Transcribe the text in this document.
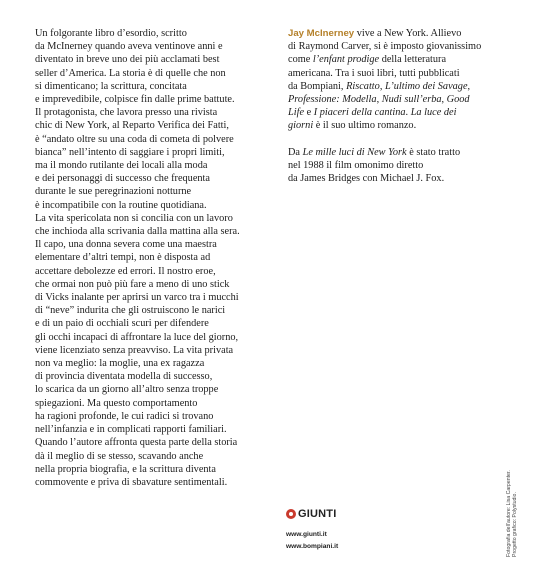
Un folgorante libro d’esordio, scritto
da McInerney quando aveva ventinove anni e
diventato in breve uno dei più acclamati best
seller d’America. La storia è di quelle che non
si dimenticano; la scrittura, concitata
e imprevedibile, colpisce fin dalle prime battute.
Il protagonista, che lavora presso una rivista
chic di New York, al Reparto Verifica dei Fatti,
è “andato oltre su una coda di cometa di polvere
bianca” nell’intento di saggiare i propri limiti,
ma il mondo rutilante dei locali alla moda
e dei personaggi di successo che frequenta
durante le sue peregrinazioni notturne
è incompatibile con la routine quotidiana.
La vita spericolata non si concilia con un lavoro
che inchioda alla scrivania dalla mattina alla sera.
Il capo, una donna severa come una maestra
elementare d’altri tempi, non è disposta ad
accettare debolezze ed errori. Il nostro eroe,
che ormai non può più fare a meno di uno stick
di Vicks inalante per aprirsi un varco tra i mucchi
di “neve” indurita che gli ostruiscono le narici
e di un paio di occhiali scuri per difendere
gli occhi incapaci di affrontare la luce del giorno,
viene licenziato senza preavviso. La vita privata
non va meglio: la moglie, una ex ragazza
di provincia diventata modella di successo,
lo scarica da un giorno all’altro senza troppe
spiegazioni. Ma questo comportamento
ha ragioni profonde, le cui radici si trovano
nell’infanzia e in complicati rapporti familiari.
Quando l’autore affronta questa parte della storia
dà il meglio di se stesso, scavando anche
nella propria biografia, e la scrittura diventa
commovente e priva di sbavature sentimentali.
Jay McInerney vive a New York. Allievo
di Raymond Carver, si è imposto giovanissimo
come l’enfant prodige della letteratura
americana. Tra i suoi libri, tutti pubblicati
da Bompiani, Riscatto, L’ultimo dei Savage,
Professione: Modella, Nudi sull’erba, Good
Life e I piaceri della cantina. La luce dei
giorni è il suo ultimo romanzo.
Da Le mille luci di New York è stato tratto
nel 1988 il film omonimo diretto
da James Bridges con Michael J. Fox.
GIUNTI
www.giunti.it
www.bompiani.it	Fotografia dell’autore: Lisa Carpenter. Progetto grafico: Polystudio.
